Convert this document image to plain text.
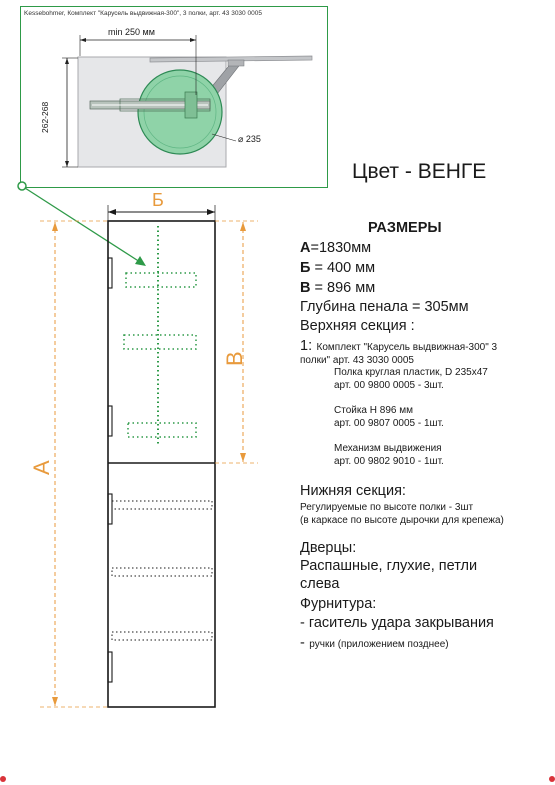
Kessebohmer, Комплект "Карусель выдвижная-300", 3 полки, арт. 43 3030 0005
min 250 мм
262-268
⌀ 235
Б
А
В
Цвет - ВЕНГЕ
РАЗМЕРЫ
А=1830мм
Б = 400 мм
В = 896 мм
Глубина пенала = 305мм
Верхняя секция :
1: Комплект "Карусель выдвижная-300" 3
полки" арт. 43 3030 0005
Полка круглая пластик, D 235x47
арт. 00 9800 0005 - 3шт.
Стойка H 896 мм
арт. 00 9807 0005 - 1шт.
Механизм выдвижения
арт. 00 9802 9010 - 1шт.
Нижняя секция:
Регулируемые по высоте полки - 3шт
(в каркасе по высоте дырочки для крепежа)
Дверцы:
Распашные, глухие, петли
слева
Фурнитура:
- гаситель удара закрывания
- ручки (приложением позднее)
